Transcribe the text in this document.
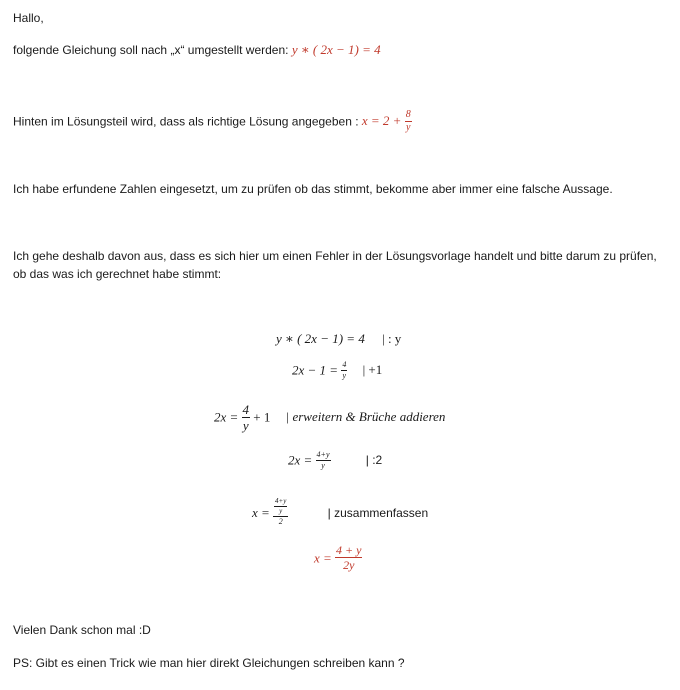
Hallo,
folgende Gleichung soll nach „x“ umgestellt werden: y ∗ ( 2x − 1) = 4
Hinten im Lösungsteil wird, dass als richtige Lösung angegeben : $x = 2 + \frac{8}{y}$
Ich habe erfundene Zahlen eingesetzt, um zu prüfen ob das stimmt, bekomme aber immer eine falsche Aussage.
Ich gehe deshalb davon aus, dass es sich hier um einen Fehler in der Lösungsvorlage handelt und bitte darum zu prüfen, ob das was ich gerechnet habe stimmt:
y ∗ ( 2x − 1) = 4 | : y
$2x - 1 = \frac{4}{y}$ | +1
$2x = \frac{4}{y} + 1$ | erweitern & Brüche addieren
$2x = \frac{4+y}{y}$	| :2
$x = \frac{\frac{4+y}{y}}{2}$	| zusammenfassen
$x = \frac{4 + y}{2y}$
Vielen Dank schon mal :D
PS: Gibt es einen Trick wie man hier direkt Gleichungen schreiben kann ?
